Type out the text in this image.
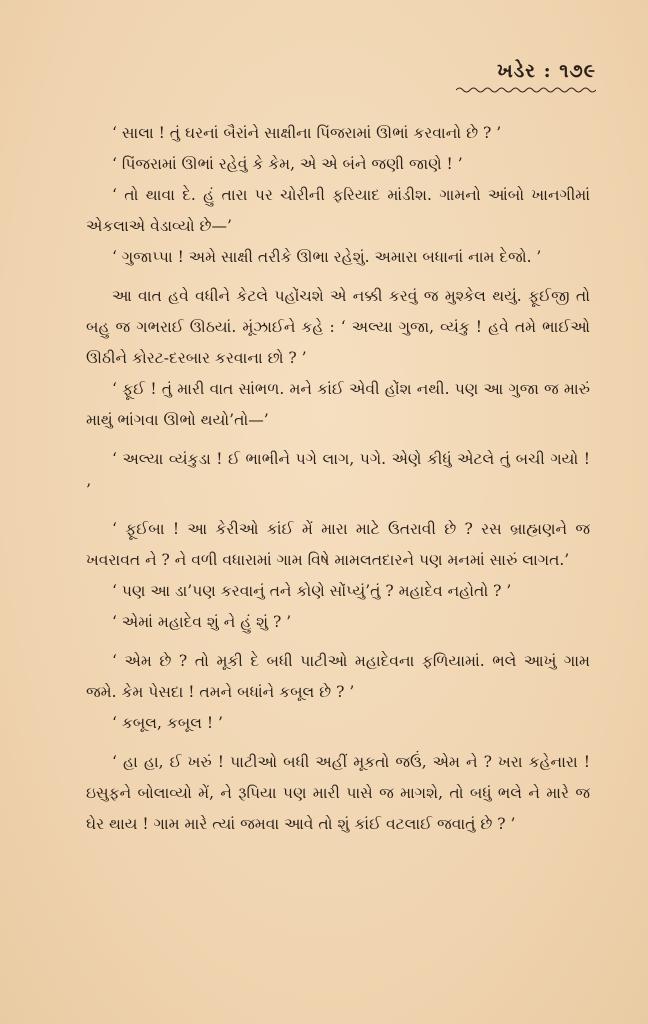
ખડેર : ૧૭૯

‘ સાલા ! તું ઘરનાં બૈરાંને સાક્ષીના પિંજરામાં ઊભાં કરવાનો છે ? ’

‘ પિંજરામાં ઊભાં રહેવું કે કેમ, એ એ બંને જણી જાણે ! ’

‘ તો થાવા દે. હું તારા પર ચોરીની ફરિયાદ માંડીશ. ગામનો આંબો ખાનગીમાં એકલાએ વેડાવ્યો છે—’

‘ ગુજાપ્પા ! અમે સાક્ષી તરીકે ઊભા રહેશું. અમારા બધાનાં નામ દેજો. ’

આ વાત હવે વધીને કેટલે પહોંચશે એ નક્કી કરવું જ મુશ્કેલ થયું. ફૂઈજી તો બહુ જ ગભરાઈ ઊઠયાં. મૂંઝાઈને કહે : ‘ અલ્યા ગુજા, વ્યંકુ ! હવે તમે ભાઈઓ ઊઠીને કોરટ-દરબાર કરવાના છો ? ’

‘ ફૂઈ ! તું મારી વાત સાંભળ. મને કાંઈ એવી હોંશ નથી. પણ આ ગુજા જ મારું માથું ભાંગવા ઊભો થયો’તો—’

‘ અલ્યા વ્યંકુડા ! ઈ ભાભીને પગે લાગ, પગે. એણે કીધું એટલે તું બચી ગયો ! ’

‘ ફૂઈબા ! આ કેરીઓ કાંઈ મેં મારા માટે ઉતરાવી છે ? રસ બ્રાહ્મણને જ ખવરાવત ને ? ને વળી વધારામાં ગામ વિષે મામલતદારને પણ મનમાં સારું લાગત.’

‘ પણ આ ડા’પણ કરવાનું તને કોણે સોંપ્યું’તું ? મહાદેવ નહોતો ? ’

‘ એમાં મહાદેવ શું ને હું શું ? ’

‘ એમ છે ? તો મૂકી દે બધી પાટીઓ મહાદેવના ફળિયામાં. ભલે આખું ગામ જમે. કેમ પેસદા ! તમને બધાંને કબૂલ છે ? ’

‘ કબૂલ, કબૂલ ! ’

‘ હા હા, ઈ ખરું ! પાટીઓ બધી અહીં મૂકતો જઉં, એમ ને ? ખરા કહેનારા ! ઇસુફને બોલાવ્યો મેં, ને રૂપિયા પણ મારી પાસે જ માગશે, તો બધું ભલે ને મારે જ ઘેર થાય ! ગામ મારે ત્યાં જમવા આવે તો શું કાંઈ વટલાઈ જવાતું છે ? ’
